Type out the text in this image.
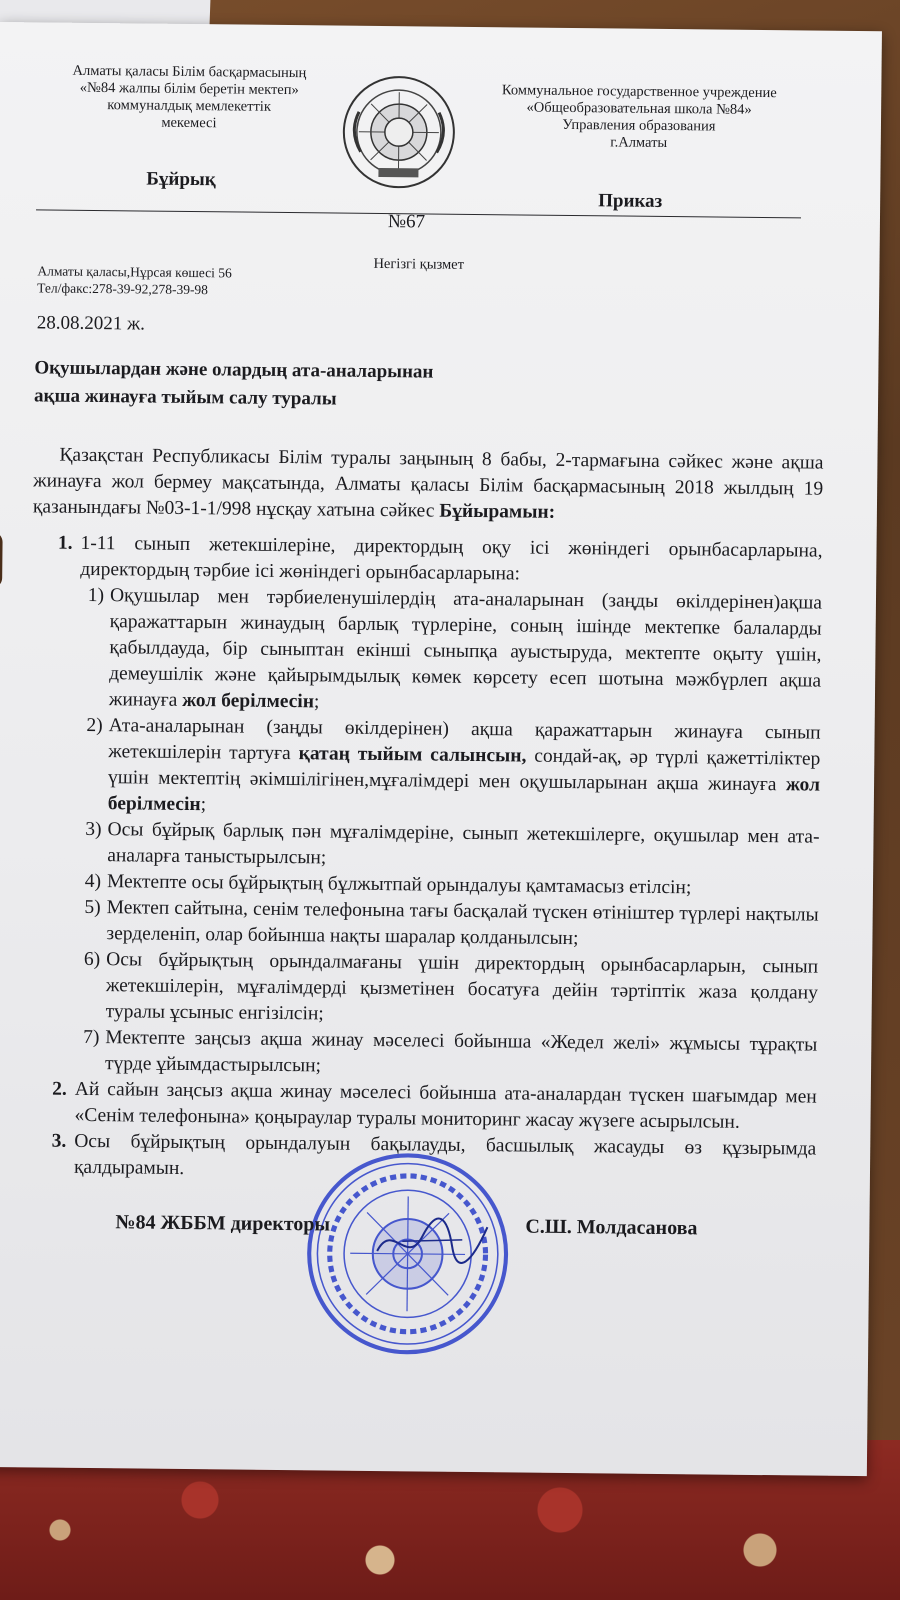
Алматы қаласы Білім басқармасының
«№84 жалпы білім беретін мектеп»
коммуналдық мемлекеттік
мекемесі
Коммунальное государственное учреждение
«Общеобразовательная школа №84»
Управления образования
г.Алматы
Бұйрық
Приказ
№67
Негізгі қызмет
Алматы қаласы,Нұрсая көшесі 56
Тел/факс:278-39-92,278-39-98
28.08.2021 ж.
Оқушылардан және олардың ата-аналарынан
ақша жинауға тыйым салу туралы

Қазақстан Республикасы Білім туралы заңының 8 бабы, 2-тармағына сәйкес және ақша жинауға жол бермеу мақсатында, Алматы қаласы Білім басқармасының 2018 жылдың 19 қазанындағы №03-1-1/998 нұсқау хатына сәйкес Бұйырамын:

1. 1-11 сынып жетекшілеріне, директордың оқу ісі жөніндегі орынбасарларына, директордың тәрбие ісі жөніндегі орынбасарларына:
1) Оқушылар мен тәрбиеленушілердің ата-аналарынан (заңды өкілдерінен)ақша қаражаттарын жинаудың барлық түрлеріне, соның ішінде мектепке балаларды қабылдауда, бір сыныптан екінші сыныпқа ауыстыруда, мектепте оқыту үшін, демеушілік және қайырымдылық көмек көрсету есеп шотына мәжбүрлеп ақша жинауға жол берілмесін;
2) Ата-аналарынан (заңды өкілдерінен) ақша қаражаттарын жинауға сынып жетекшілерін тартуға қатаң тыйым салынсын, сондай-ақ, әр түрлі қажеттіліктер үшін мектептің әкімшілігінен,мұғалімдері мен оқушыларынан ақша жинауға жол берілмесін;
3) Осы бұйрық барлық пән мұғалімдеріне, сынып жетекшілерге, оқушылар мен ата-аналарға таныстырылсын;
4) Мектепте осы бұйрықтың бұлжытпай орындалуы қамтамасыз етілсін;
5) Мектеп сайтына, сенім телефонына тағы басқалай түскен өтініштер түрлері нақтылы зерделеніп, олар бойынша нақты шаралар қолданылсын;
6) Осы бұйрықтың орындалмағаны үшін директордың орынбасарларын, сынып жетекшілерін, мұғалімдерді қызметінен босатуға дейін тәртіптік жаза қолдану туралы ұсыныс енгізілсін;
7) Мектепте заңсыз ақша жинау мәселесі бойынша «Жедел желі» жұмысы тұрақты түрде ұйымдастырылсын;
2. Ай сайын заңсыз ақша жинау мәселесі бойынша ата-аналардан түскен шағымдар мен «Сенім телефонына» қоңыраулар туралы мониторинг жасау жүзеге асырылсын.
3. Осы бұйрықтың орындалуын бақылауды, басшылық жасауды өз құзырымда қалдырамын.
№84 ЖББМ директоры	С.Ш. Молдасанова
